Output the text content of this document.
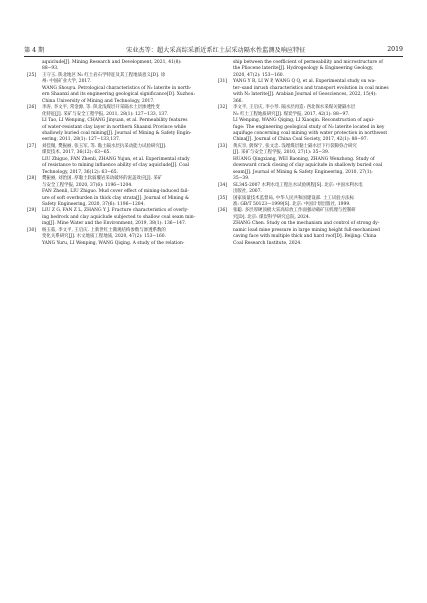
第 4 期	宋业杰等：超大采高综采新近系红土层采动隔水性监测及响应特征	2019
aquiclude[J]. Mining Research and Development, 2021, 41(8):
88−93.
[25] 王守玉. 陕北地区 N₂ 红土岩石学特征及其工程地质意义[D]. 徐
州: 中国矿业大学, 2017.
WANG Shouyu. Petrological characteristics of N₂ laterite in north-
ern Shaanxi and its engineering geological significance[D]. Xuzhou:
China University of Mining and Technology, 2017.
[26] 李涛, 李文平, 常金源, 等. 陕北浅煤层开采隔水土层渗透性变
化特征[J]. 采矿与安全工程学报, 2011, 28(1): 127−133, 137.
LI Tao, LI Wenping, CHANG Jinyuan, et al. Permeability features
of water-resistant clay layer in northern Shaanxi Province while
shallowly buried coal mining[J]. Journal of Mining & Safety Engin-
eering, 2011, 28(1): 127−133,137.
[27] 刘佳微, 樊振丽, 张玉军, 等. 黏土隔水层抗采动能力试验研究[J].
煤炭技术, 2017, 36(12): 63−65.
LIU Zhiguo, FAN Zhenli, ZHANG Yujun, et al. Experimental study
of resistance to mining influence ability of clay aquiclude[J]. Coal
Technology, 2017, 36(12): 63−65.
[28] 樊振丽, 刘治国. 厚黏土软弱覆岩采动破坏的泥盖效应[J]. 采矿
与安全工程学报, 2020, 37(6): 1196−1204.
FAN Zhenli, LIU Zhiguo. Mud cover effect of mining-induced fail-
ure of soft overburden in thick clay strata[J]. Journal of Mining &
Safety Engineering, 2020, 37(6): 1196−1204.
[29] LIU Z G, FAN Z L, ZHANG Y J. Fracture characteristics of overly-
ing bedrock and clay aquiclude subjected to shallow coal seam min-
ing[J]. Mine Water and the Environment, 2019, 38(1): 136−147.
[30] 杨玉茹, 李文平, 王启庆. 上新世红土微观结构参数与渗透系数的
变化关系研究[J]. 水文地质工程地质, 2020, 47(2): 153−160.
YANG Yuru, LI Wenping, WANG Qiqing. A study of the relation-
ship between the coefficient of permeability and microstructure of
the Pliocene laterite[J]. Hydrogeology & Engineering Geology,
2020, 47(2): 153−160.
[31] YANG Y R, LI W P, WANG Q Q, et al. Experimental study on wa-
ter–sand inrush characteristics and transport evolution in coal mines
with N₂ laterite[J]. Arabian Journal of Geosciences, 2022, 15(4):
366.
[32] 李文平, 王启庆, 李小琴. 隔水层再造: 西北保水采煤关键隔水层
N₂ 红土工程地质研究[J]. 煤炭学报, 2017, 42(1): 88−97.
LI Wenping, WANG Qiqing, LI Xiaoqin. Reconstruction of aqui-
fuge: The engineering geological study of N₂ laterite located in key
aquifuge concerning coal mining with water protection in northwest
China[J]. Journal of China Coal Society, 2017, 42(1): 88−97.
[33] 黄庆享, 蔚保宁, 张文忠. 浅埋煤层黏土隔水层下行裂隙弥合研究
[J]. 采矿与安全工程学报, 2010, 27(1): 35−39.
HUANG Qingxiang, WEI Baoning, ZHANG Wenzhong. Study of
downward crack closing of clay aquiclude in shallowly buried coal
seam[J]. Journal of Mining & Safety Engineering, 2010, 27(1):
35−39.
[34] SL345-2007 水利水电工程注水试验规程[S]. 北京: 中国水利水电
出版社, 2007.
[35] 国家质量技术监督局, 中华人民共和国建设部. 土工试验方法标
准: GB/T 50123—1999[S]. 北京: 中国计划出版社, 1999.
[36] 张聪. 多层厚硬顶板大采高综放工作面强动载矿压机理与控制研
究[D]. 北京: 煤炭科学研究总院, 2024.
ZHANG Chen. Study on the mechanism and control of strong dy-
namic load mine pressure in large mining height full-mechanized
caving face with multiple thick and hard roof[D]. Beijing: China
Coal Research Institute, 2024.
